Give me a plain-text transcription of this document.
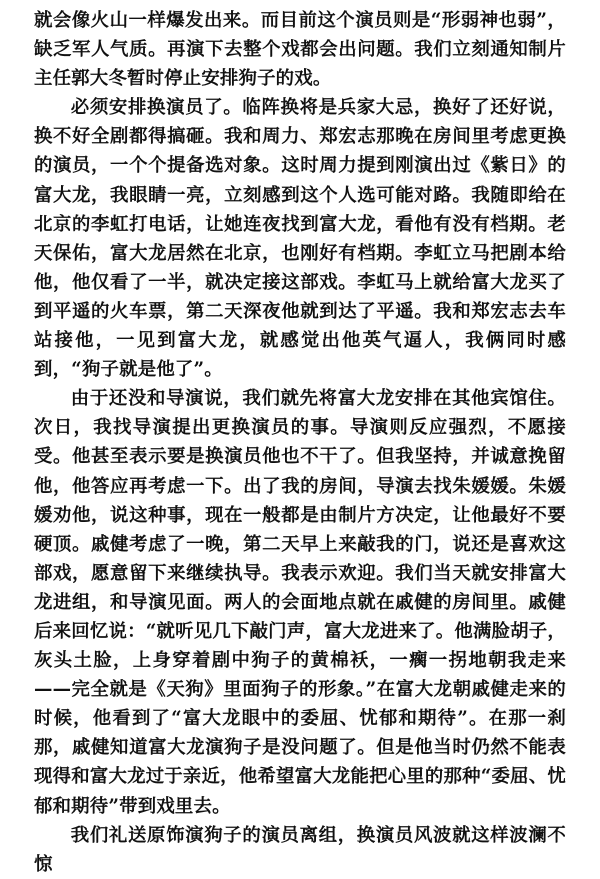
就会像火山一样爆发出来。而目前这个演员则是“形弱神也弱”，缺乏军人气质。再演下去整个戏都会出问题。我们立刻通知制片主任郭大冬暂时停止安排狗子的戏。

必须安排换演员了。临阵换将是兵家大忌，换好了还好说，换不好全剧都得搞砸。我和周力、郑宏志那晚在房间里考虑更换的演员，一个个提备选对象。这时周力提到刚演出过《紫日》的富大龙，我眼睛一亮，立刻感到这个人选可能对路。我随即给在北京的李虹打电话，让她连夜找到富大龙，看他有没有档期。老天保佑，富大龙居然在北京，也刚好有档期。李虹立马把剧本给他，他仅看了一半，就决定接这部戏。李虹马上就给富大龙买了到平遥的火车票，第二天深夜他就到达了平遥。我和郑宏志去车站接他，一见到富大龙，就感觉出他英气逼人，我俩同时感到，“狗子就是他了”。

由于还没和导演说，我们就先将富大龙安排在其他宾馆住。次日，我找导演提出更换演员的事。导演则反应强烈，不愿接受。他甚至表示要是换演员他也不干了。但我坚持，并诚意挽留他，他答应再考虑一下。出了我的房间，导演去找朱媛媛。朱媛媛劝他，说这种事，现在一般都是由制片方决定，让他最好不要硬顶。戚健考虑了一晚，第二天早上来敲我的门，说还是喜欢这部戏，愿意留下来继续执导。我表示欢迎。我们当天就安排富大龙进组，和导演见面。两人的会面地点就在戚健的房间里。戚健后来回忆说：“就听见几下敲门声，富大龙进来了。他满脸胡子，灰头土脸，上身穿着剧中狗子的黄棉袄，一瘸一拐地朝我走来——完全就是《天狗》里面狗子的形象。”在富大龙朝戚健走来的时候，他看到了“富大龙眼中的委屈、忧郁和期待”。在那一刹那，戚健知道富大龙演狗子是没问题了。但是他当时仍然不能表现得和富大龙过于亲近，他希望富大龙能把心里的那种“委屈、忧郁和期待”带到戏里去。

我们礼送原饰演狗子的演员离组，换演员风波就这样波澜不惊
